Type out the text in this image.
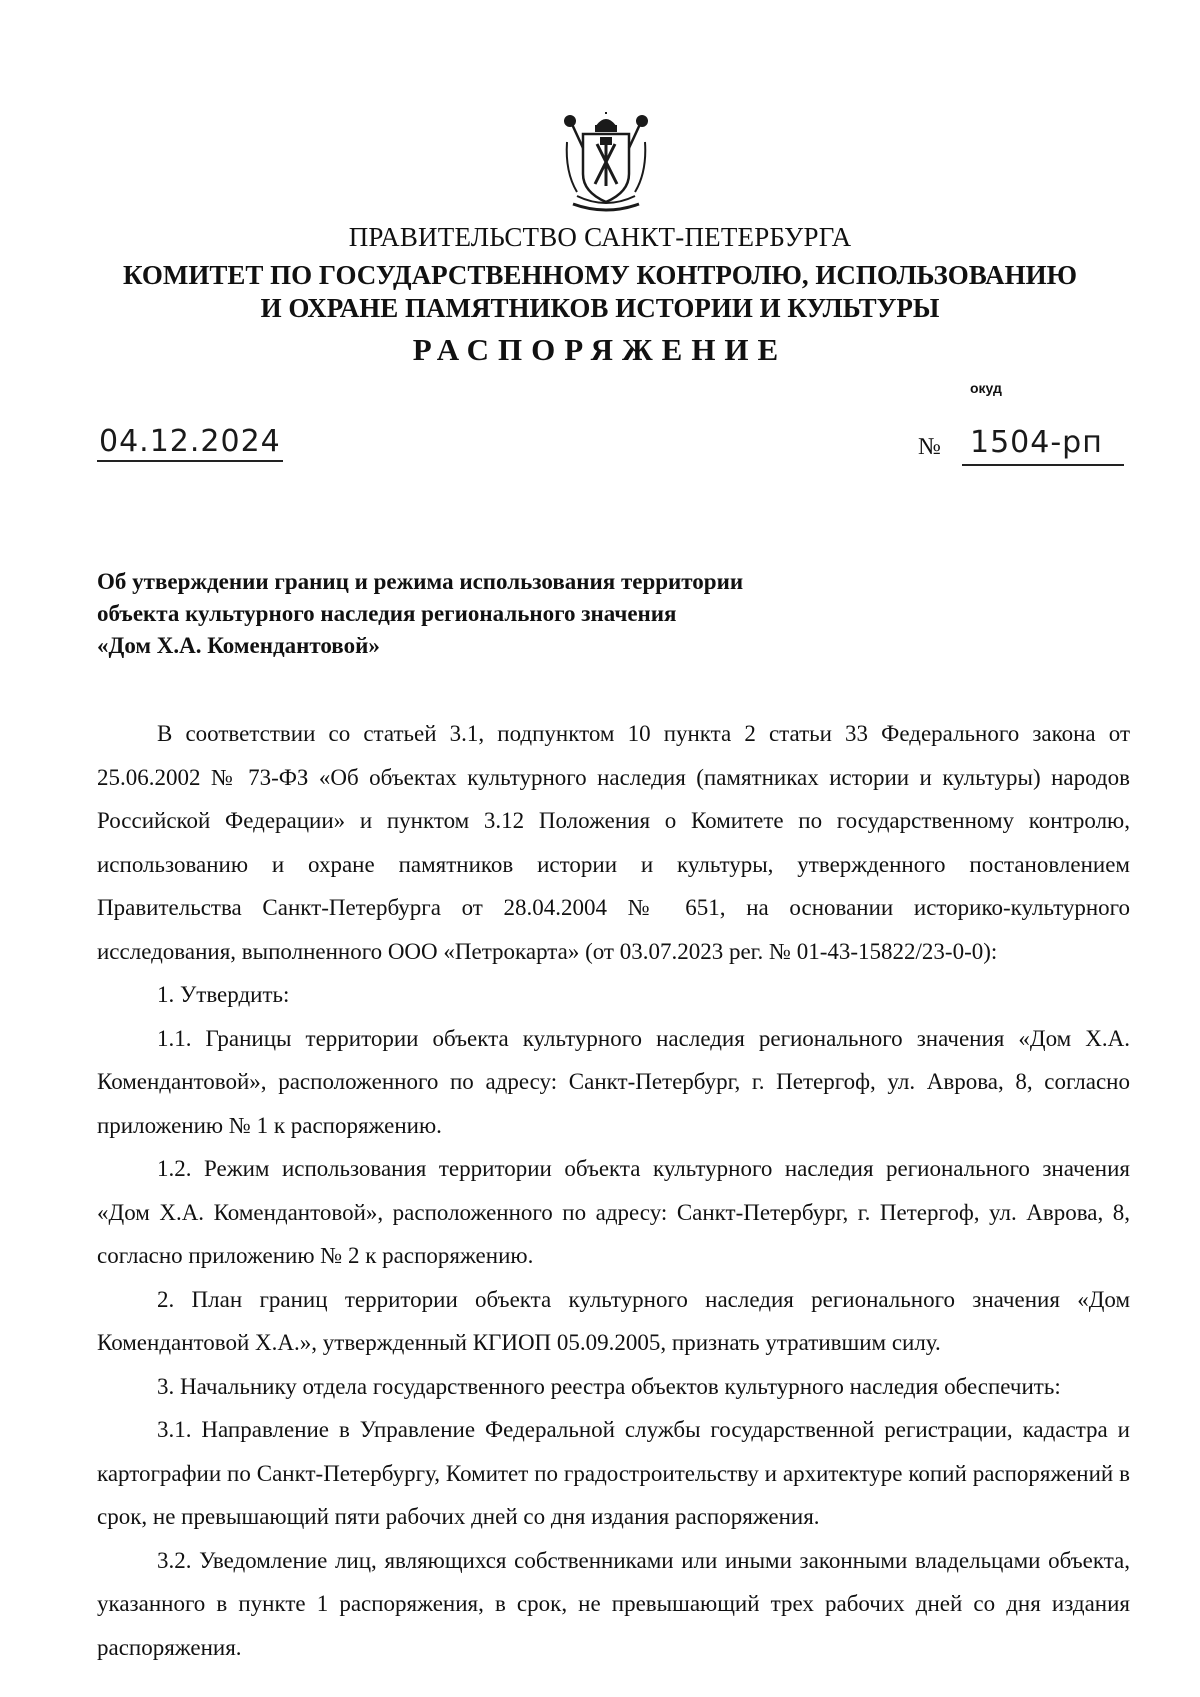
ПРАВИТЕЛЬСТВО САНКТ-ПЕТЕРБУРГА
КОМИТЕТ ПО ГОСУДАРСТВЕННОМУ КОНТРОЛЮ, ИСПОЛЬЗОВАНИЮ
И ОХРАНЕ ПАМЯТНИКОВ ИСТОРИИ И КУЛЬТУРЫ
РАСПОРЯЖЕНИЕ
окуд
04.12.2024	№ 1504-рп
Об утверждении границ и режима использования территории
объекта культурного наследия регионального значения
«Дом Х.А. Комендантовой»

В соответствии со статьей 3.1, подпунктом 10 пункта 2 статьи 33 Федерального закона от 25.06.2002 № 73-ФЗ «Об объектах культурного наследия (памятниках истории и культуры) народов Российской Федерации» и пунктом 3.12 Положения о Комитете по государственному контролю, использованию и охране памятников истории и культуры, утвержденного постановлением Правительства Санкт-Петербурга от 28.04.2004 № 651, на основании историко-культурного исследования, выполненного ООО «Петрокарта» (от 03.07.2023 рег. № 01-43-15822/23-0-0):

1. Утвердить:

1.1. Границы территории объекта культурного наследия регионального значения «Дом Х.А. Комендантовой», расположенного по адресу: Санкт-Петербург, г. Петергоф, ул. Аврова, 8, согласно приложению № 1 к распоряжению.

1.2. Режим использования территории объекта культурного наследия регионального значения «Дом Х.А. Комендантовой», расположенного по адресу: Санкт-Петербург, г. Петергоф, ул. Аврова, 8, согласно приложению № 2 к распоряжению.

2. План границ территории объекта культурного наследия регионального значения «Дом Комендантовой Х.А.», утвержденный КГИОП 05.09.2005, признать утратившим силу.

3. Начальнику отдела государственного реестра объектов культурного наследия обеспечить:

3.1. Направление в Управление Федеральной службы государственной регистрации, кадастра и картографии по Санкт-Петербургу, Комитет по градостроительству и архитектуре копий распоряжений в срок, не превышающий пяти рабочих дней со дня издания распоряжения.

3.2. Уведомление лиц, являющихся собственниками или иными законными владельцами объекта, указанного в пункте 1 распоряжения, в срок, не превышающий трех рабочих дней со дня издания распоряжения.
